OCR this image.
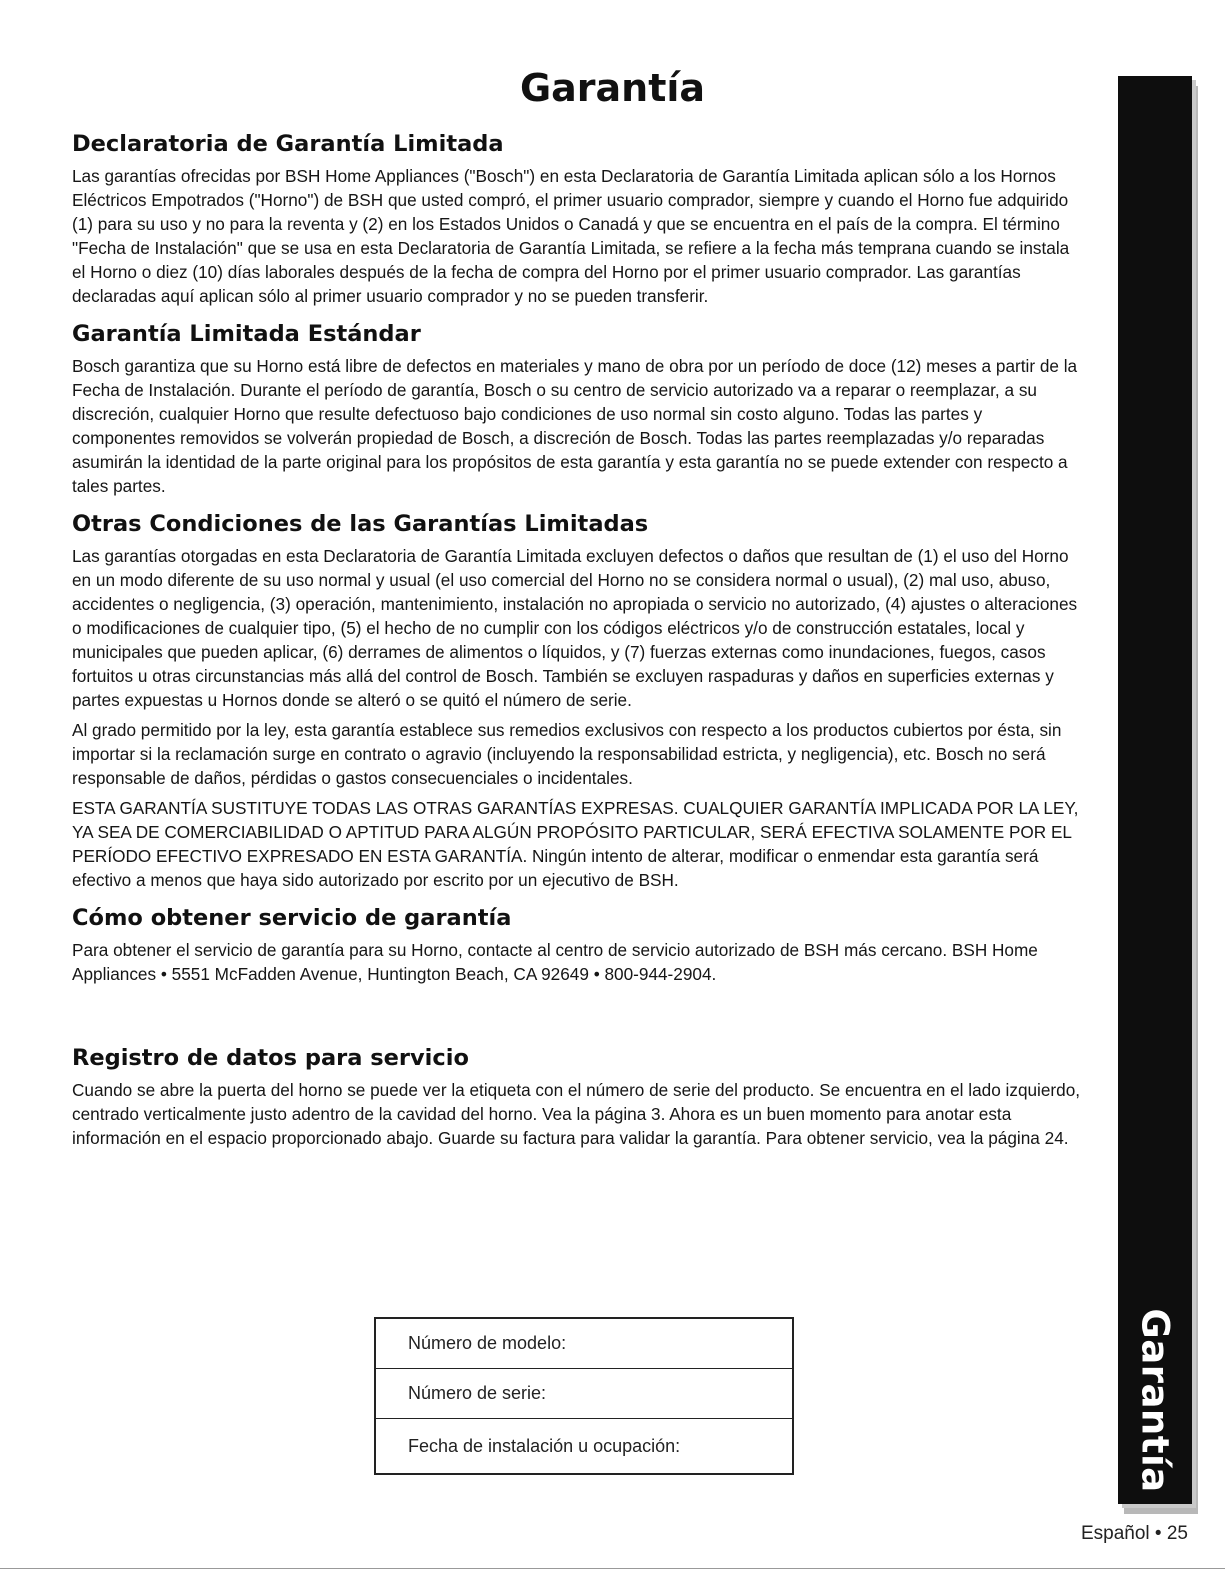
Garantía
Declaratoria de Garantía Limitada

Las garantías ofrecidas por BSH Home Appliances ("Bosch") en esta Declaratoria de Garantía Limitada aplican sólo a los Hornos Eléctricos Empotrados ("Horno") de BSH que usted compró, el primer usuario comprador, siempre y cuando el Horno fue adquirido (1) para su uso y no para la reventa y (2) en los Estados Unidos o Canadá y que se encuentra en el país de la compra. El término "Fecha de Instalación" que se usa en esta Declaratoria de Garantía Limitada, se refiere a la fecha más temprana cuando se instala el Horno o diez (10) días laborales después de la fecha de compra del Horno por el primer usuario comprador. Las garantías declaradas aquí aplican sólo al primer usuario comprador y no se pueden transferir.

Garantía Limitada Estándar

Bosch garantiza que su Horno está libre de defectos en materiales y mano de obra por un período de doce (12) meses a partir de la Fecha de Instalación. Durante el período de garantía, Bosch o su centro de servicio autorizado va a reparar o reemplazar, a su discreción, cualquier Horno que resulte defectuoso bajo condiciones de uso normal sin costo alguno. Todas las partes y componentes removidos se volverán propiedad de Bosch, a discreción de Bosch. Todas las partes reemplazadas y/o reparadas asumirán la identidad de la parte original para los propósitos de esta garantía y esta garantía no se puede extender con respecto a tales partes.

Otras Condiciones de las Garantías Limitadas

Las garantías otorgadas en esta Declaratoria de Garantía Limitada excluyen defectos o daños que resultan de (1) el uso del Horno en un modo diferente de su uso normal y usual (el uso comercial del Horno no se considera normal o usual), (2) mal uso, abuso, accidentes o negligencia, (3) operación, mantenimiento, instalación no apropiada o servicio no autorizado, (4) ajustes o alteraciones o modificaciones de cualquier tipo, (5) el hecho de no cumplir con los códigos eléctricos y/o de construcción estatales, local y municipales que pueden aplicar, (6) derrames de alimentos o líquidos, y (7) fuerzas externas como inundaciones, fuegos, casos fortuitos u otras circunstancias más allá del control de Bosch. También se excluyen raspaduras y daños en superficies externas y partes expuestas u Hornos donde se alteró o se quitó el número de serie.

Al grado permitido por la ley, esta garantía establece sus remedios exclusivos con respecto a los productos cubiertos por ésta, sin importar si la reclamación surge en contrato o agravio (incluyendo la responsabilidad estricta, y negligencia), etc. Bosch no será responsable de daños, pérdidas o gastos consecuenciales o incidentales.

ESTA GARANTÍA SUSTITUYE TODAS LAS OTRAS GARANTÍAS EXPRESAS. CUALQUIER GARANTÍA IMPLICADA POR LA LEY, YA SEA DE COMERCIABILIDAD O APTITUD PARA ALGÚN PROPÓSITO PARTICULAR, SERÁ EFECTIVA SOLAMENTE POR EL PERÍODO EFECTIVO EXPRESADO EN ESTA GARANTÍA. Ningún intento de alterar, modificar o enmendar esta garantía será efectivo a menos que haya sido autorizado por escrito por un ejecutivo de BSH.

Cómo obtener servicio de garantía

Para obtener el servicio de garantía para su Horno, contacte al centro de servicio autorizado de BSH más cercano. BSH Home Appliances • 5551 McFadden Avenue, Huntington Beach, CA 92649 • 800-944-2904.

Registro de datos para servicio

Cuando se abre la puerta del horno se puede ver la etiqueta con el número de serie del producto. Se encuentra en el lado izquierdo, centrado verticalmente justo adentro de la cavidad del horno. Vea la página 3. Ahora es un buen momento para anotar esta información en el espacio proporcionado abajo. Guarde su factura para validar la garantía. Para obtener servicio, vea la página 24.

Número de modelo:
Número de serie:
Fecha de instalación u ocupación:	Garantía
Español • 25
